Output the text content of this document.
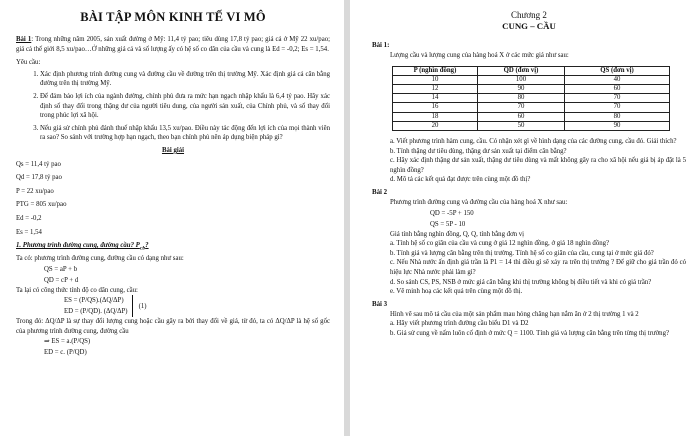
BÀI TẬP MÔN KINH TẾ VI MÔ

Bài 1: Trong những năm 2005, sản xuất đường ở Mỹ: 11,4 tỷ pao; tiêu dùng 17,8 tỷ pao; giá cả ở Mỹ 22 xu/pao; giá cả thế giới 8,5 xu/pao…Ở những giá cả và số lượng ấy có hệ số co dãn của cầu và cung là Ed = -0,2; Es = 1,54.

Yêu cầu:

1. Xác định phương trình đường cung và đường cầu về đường trên thị trường Mỹ. Xác định giá cả cân bằng đường trên thị trường Mỹ.
2. Để đảm bảo lợi ích của ngành đường, chính phủ đưa ra mức hạn ngạch nhập khẩu là 6,4 tỷ pao. Hãy xác định số thay đổi trong thặng dư của người tiêu dung, của người sản xuất, của Chính phủ, và số thay đổi trong phúc lợi xã hội.
3. Nếu giả sử chính phủ đánh thuế nhập khẩu 13,5 xu/pao. Điều này tác động đến lợi ích của mọi thành viên ra sao? So sánh với trường hợp hạn ngạch, theo bạn chính phủ nên áp dụng biện pháp gì?

Bài giải

Qs = 11,4 tỷ pao
Qd = 17,8 tỷ pao
P = 22 xu/pao
PTG = 805 xu/pao
Ed = -0,2
Es = 1,54

1. Phương trình đường cung, đường cầu? $P_{cb}$?

Ta có: phương trình đường cung, đường cầu có dạng như sau:

QS = aP + b
QD = cP + d

Ta lại có công thức tính độ co dãn cung, cầu:

ES = (P/QS).(ΔQ/ΔP)
ED = (P/QD). (ΔQ/ΔP)
(1)

Trong đó: ΔQ/ΔP là sự thay đổi lượng cung hoặc cầu gây ra bởi thay đổi về giá, từ đó, ta có ΔQ/ΔP là hệ số gốc của phương trình đường cung, đường cầu

⇒ ES = a.(P/QS)
ED = c. (P/QD)
Chương 2
CUNG – CẦU
Bài 1:

Lượng cầu và lượng cung của hàng hoá X ở các mức giá như sau:

P (nghìn đồng)	QD (đơn vị)	QS (đơn vị)
10	100	40
12	90	60
14	80	70
16	70	70
18	60	80
20	50	90

a. Viết phương trình hàm cung, cầu. Có nhận xét gì về hình dạng của các đường cung, cầu đó. Giải thích?

b. Tính thặng dư tiêu dùng, thặng dư sản xuất tại điểm cân bằng?

c. Hãy xác định thặng dư sản xuất, thặng dư tiêu dùng và mất không gây ra cho xã hội nếu giá bị áp đặt là 5 nghìn đồng?

d. Mô tả các kết quả đạt được trên cùng một đồ thị?

Bài 2

Phương trình đường cung và đường cầu của hàng hoá X như sau:

QD = -5P + 150
QS = 5P - 10

Giá tính bằng nghìn đồng, Q, Q, tính bằng đơn vị

a. Tính hệ số co giãn của cầu và cung ở giá 12 nghìn đồng, ở giá 18 nghìn đồng?

b. Tính giá và lượng cân bằng trên thị trường. Tính hệ số co giãn của cầu, cung tại ở mức giá đó?

c. Nếu Nhà nước ấn định giá trần là P1 = 14 thì điều gì sẽ xảy ra trên thị trường ? Để giữ cho giá trần đó có hiệu lực Nhà nước phải làm gì?

d. So sánh CS, PS, NSB ở mức giá cân bằng khi thị trường không bị điều tiết và khi có giá trần?

e. Vẽ minh hoạ các kết quả trên cùng một đồ thị.

Bài 3

Hình vẽ sau mô tả cầu của một sản phẩm mau hỏng chăng hạn nắm ăn ở 2 thị trường 1 và 2

a. Hãy viết phương trình đường cầu biểu D1 và D2

b. Giả sử cung về nấm luôn cố định ở mức Q = 1100. Tính giá và lượng cân bằng trên từng thị trường?
